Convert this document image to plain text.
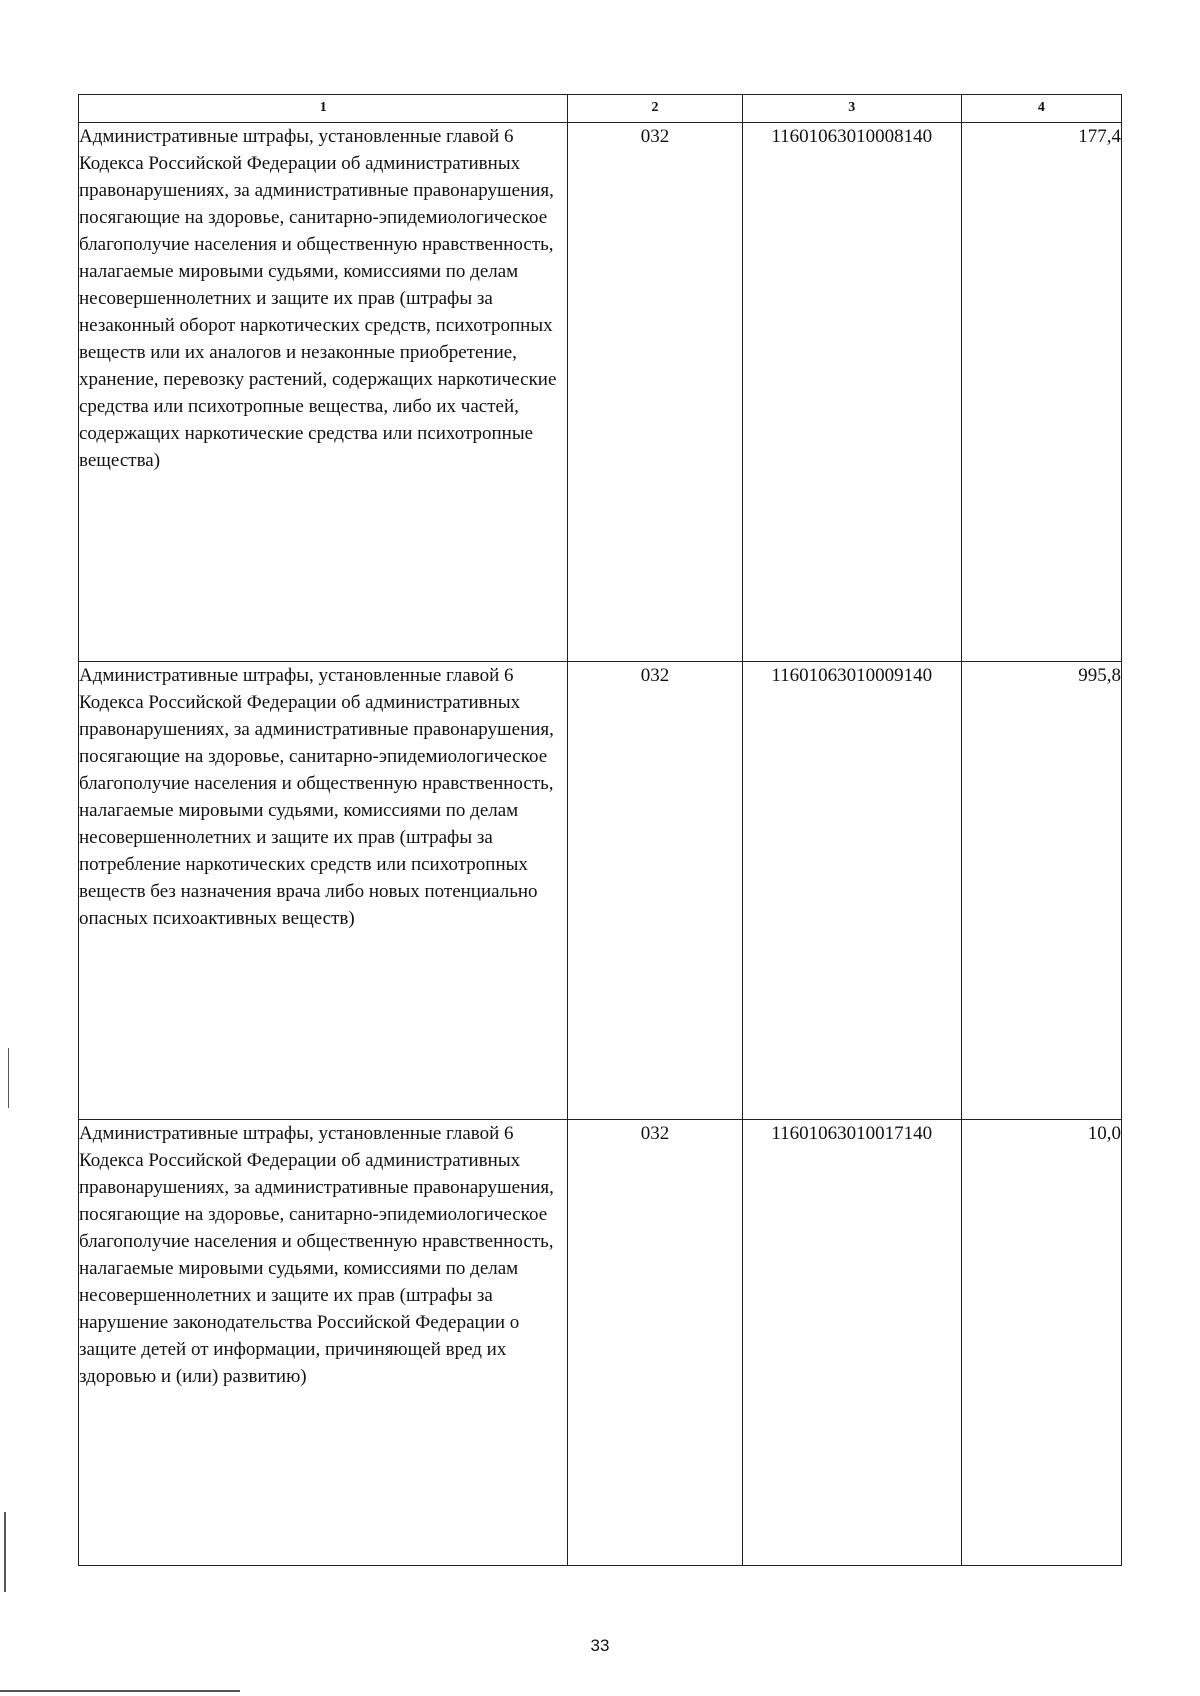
1	2	3	4
Административные штрафы, установленные главой 6 Кодекса Российской Федерации об административных правонарушениях, за административные правонарушения, посягающие на здоровье, санитарно-эпидемиологическое благополучие населения и общественную нравственность, налагаемые мировыми судьями, комиссиями по делам несовершеннолетних и защите их прав (штрафы за незаконный оборот наркотических средств, психотропных веществ или их аналогов и незаконные приобретение, хранение, перевозку растений, содержащих наркотические средства или психотропные вещества, либо их частей, содержащих наркотические средства или психотропные вещества)	032	11601063010008140	177,4
Административные штрафы, установленные главой 6 Кодекса Российской Федерации об административных правонарушениях, за административные правонарушения, посягающие на здоровье, санитарно-эпидемиологическое благополучие населения и общественную нравственность, налагаемые мировыми судьями, комиссиями по делам несовершеннолетних и защите их прав (штрафы за потребление наркотических средств или психотропных веществ без назначения врача либо новых потенциально опасных психоактивных веществ)	032	11601063010009140	995,8
Административные штрафы, установленные главой 6 Кодекса Российской Федерации об административных правонарушениях, за административные правонарушения, посягающие на здоровье, санитарно-эпидемиологическое благополучие населения и общественную нравственность, налагаемые мировыми судьями, комиссиями по делам несовершеннолетних и защите их прав (штрафы за нарушение законодательства Российской Федерации о защите детей от информации, причиняющей вред их здоровью и (или) развитию)	032	11601063010017140	10,0
33
